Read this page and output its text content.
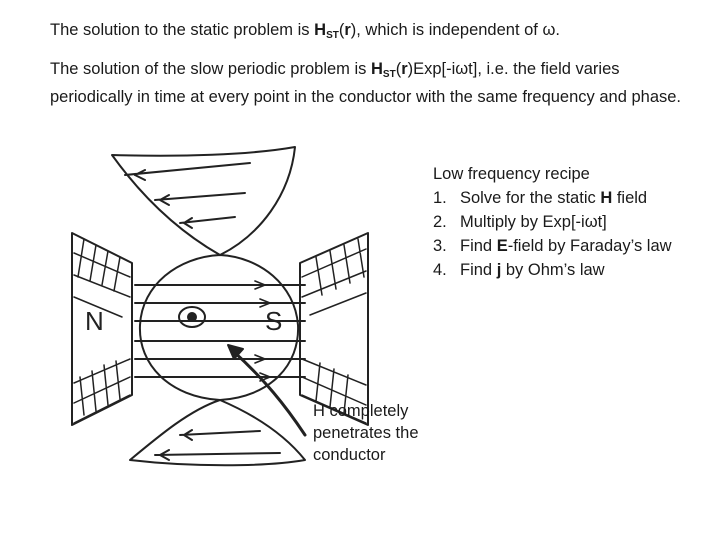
The solution to the static problem is $H_{ST}(r)$, which is independent of ω.

The solution of the slow periodic problem is $H_{ST}(r)Exp[-i\omega t]$, i.e. the field varies periodically in time at every point in the conductor with the same frequency and phase.

Low frequency recipe
1. Solve for the static H field
2. Multiply by Exp[-iωt]
3. Find E-field by Faraday’s law
4. Find j by Ohm’s law
N	S
H completely penetrates the conductor
